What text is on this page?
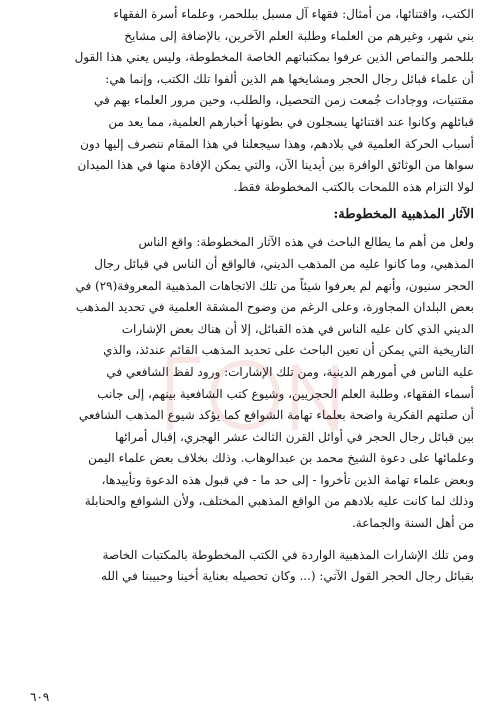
الكتب، واقتنائها، من أمثال: فقهاء آل مسبل ببللحمر، وعلماء أسرة الفقهاء
بني شهر، وغيرهم من العلماء وطلبة العلم الآخرين، بالإضافة إلى مشايخ
بللحمر والنماص الذين عرفوا بمكتباتهم الخاصة المخطوطة، وليس يعني هذا القول
أن علماء قبائل رجال الحجر ومشايخها هم الذين ألفوا تلك الكتب، وإنما هي:
مقتنيات، ووجادات جُمعت زمن التحصيل، والطلب، وحين مرور العلماء بهم في
قبائلهم وكانوا عند اقتنائها يسجلون في بطونها أخبارهم العلمية، مما يعد من
أسباب الحركة العلمية في بلادهم، وهذا سيجعلنا في هذا المقام ننصرف إليها دون
سواها من الوثائق الوافرة بين أيدينا الآن، والتي يمكن الإفادة منها في هذا الميدان
لولا التزام هذه اللمحات بالكتب المخطوطة فقط.
الآثار المذهبية المخطوطة:
ولعل من أهم ما يطالع الباحث في هذه الآثار المخطوطة: واقع الناس
المذهبي، وما كانوا عليه من المذهب الديني، فالواقع أن الناس في قبائل رجال
الحجر سنيون، وأنهم لم يعرفوا شيئاً من تلك الاتجاهات المذهبية المعروفة(٢٩) في
بعض البلدان المجاورة، وعلى الرغم من وضوح المشقة العلمية في تحديد المذهب
الديني الذي كان عليه الناس في هذه القبائل، إلا أن هناك بعض الإشارات
التاريخية التي يمكن أن تعين الباحث على تحديد المذهب القائم عندئذ، والذي
عليه الناس في أمورهم الدينية، ومن تلك الإشارات: ورود لفظ الشافعي في
أسماء الفقهاء، وطلبة العلم الحجريين، وشيوع كتب الشافعية بينهم، إلى جانب
أن صلتهم الفكرية واضحة بعلماء تهامة الشوافع كما يؤكد شيوع المذهب الشافعي
بين قبائل رجال الحجر في أوائل القرن الثالث عشر الهجري، إقبال أمرائها
وعلمائها على دعوة الشيخ محمد بن عبدالوهاب. وذلك بخلاف بعض علماء اليمن
وبعض علماء تهامة الذين تأخروا - إلى حد ما - في قبول هذه الدعوة وتأييدها،
وذلك لما كانت عليه بلادهم من الواقع المذهبي المختلف، ولأن الشوافع والحنابلة
من أهل السنة والجماعة.
ومن تلك الإشارات المذهبية الواردة في الكتب المخطوطة بالمكتبات الخاصة
بقبائل رجال الحجر القول الآتي: (... وكان تحصيله بعناية أخينا وحبيبنا في الله
٦٠٩
